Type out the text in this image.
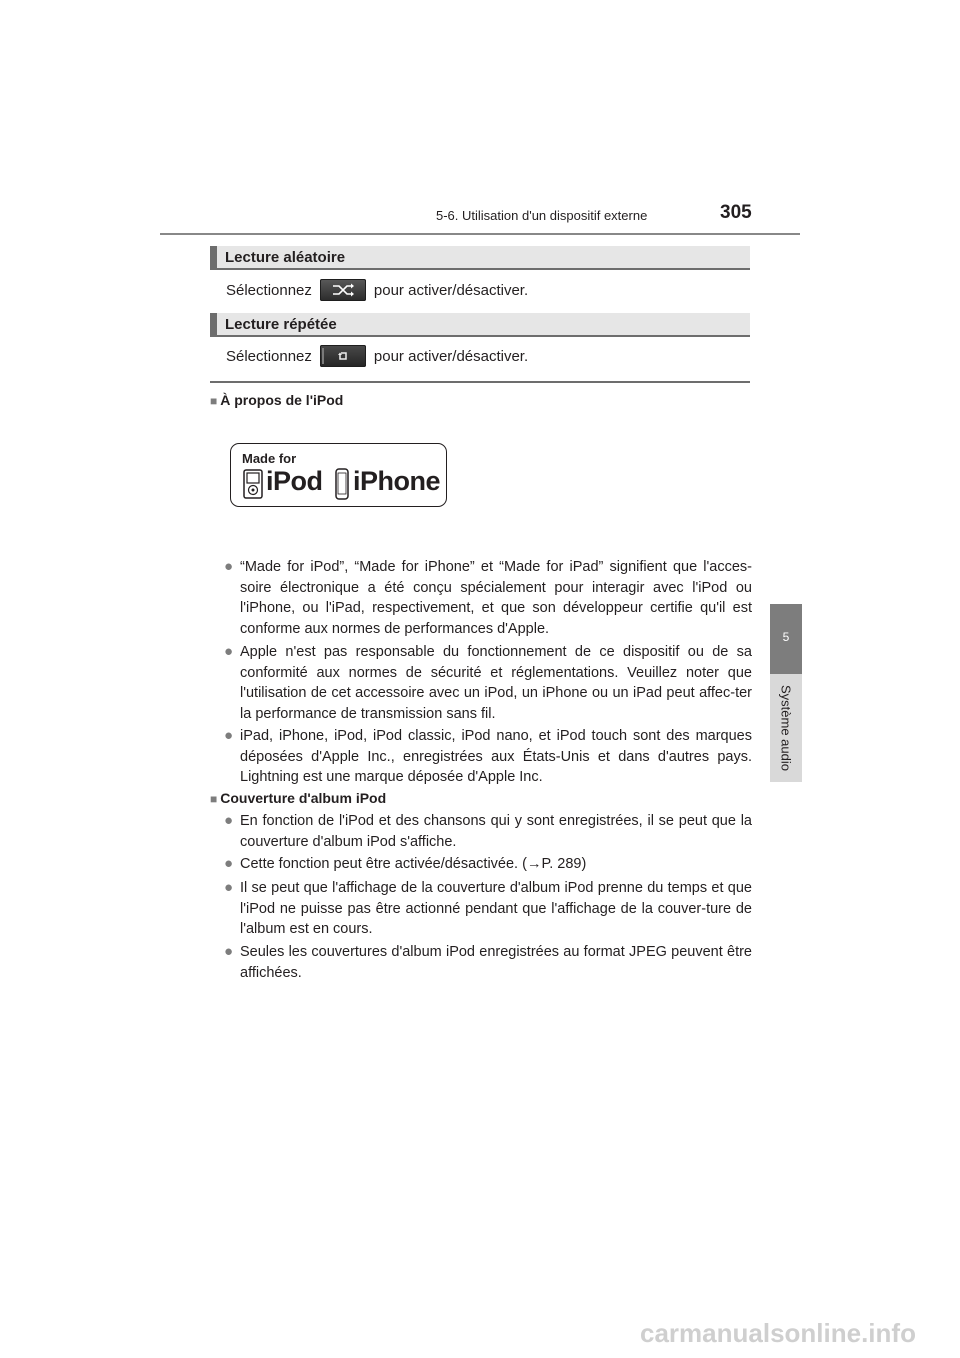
5-6. Utilisation d'un dispositif externe	305
5
Système audio
Lecture aléatoire
Sélectionnez	pour activer/désactiver.
Lecture répétée
Sélectionnez	pour activer/désactiver.
■ À propos de l'iPod
Made for
iPod iPhone
● “Made for iPod”, “Made for iPhone” et “Made for iPad” signifient que l'acces-soire électronique a été conçu spécialement pour interagir avec l'iPod ou l'iPhone, ou l'iPad, respectivement, et que son développeur certifie qu'il est conforme aux normes de performances d'Apple.
● Apple n'est pas responsable du fonctionnement de ce dispositif ou de sa conformité aux normes de sécurité et réglementations. Veuillez noter que l'utilisation de cet accessoire avec un iPod, un iPhone ou un iPad peut affec-ter la performance de transmission sans fil.
● iPad, iPhone, iPod, iPod classic, iPod nano, et iPod touch sont des marques déposées d'Apple Inc., enregistrées aux États-Unis et dans d'autres pays. Lightning est une marque déposée d'Apple Inc.
■ Couverture d'album iPod
● En fonction de l'iPod et des chansons qui y sont enregistrées, il se peut que la couverture d'album iPod s'affiche.
● Cette fonction peut être activée/désactivée. (→P. 289)
● Il se peut que l'affichage de la couverture d'album iPod prenne du temps et que l'iPod ne puisse pas être actionné pendant que l'affichage de la couver-ture de l'album est en cours.
● Seules les couvertures d'album iPod enregistrées au format JPEG peuvent être affichées.
carmanualsonline.info
